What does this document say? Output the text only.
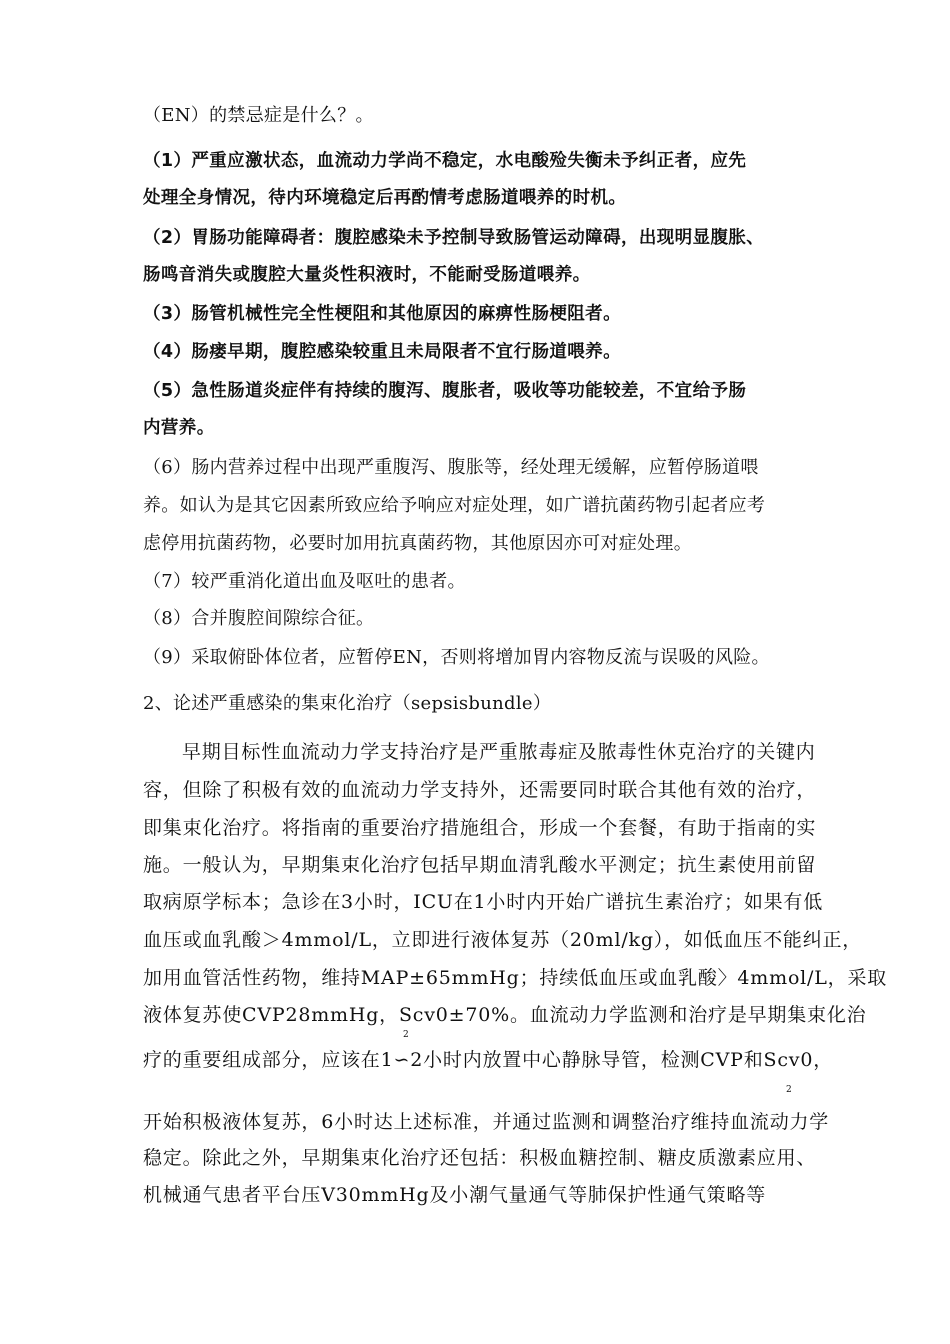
（EN）的禁忌症是什么？。
（1）严重应激状态，血流动力学尚不稳定，水电酸殓失衡未予纠正者，应先
处理全身情况，待内环境稳定后再酌情考虑肠道喂养的时机。
（2）胃肠功能障碍者：腹腔感染未予控制导致肠管运动障碍，出现明显腹胀、
肠鸣音消失或腹腔大量炎性积液时，不能耐受肠道喂养。
（3）肠管机械性完全性梗阻和其他原因的麻痹性肠梗阻者。
（4）肠瘘早期，腹腔感染较重且未局限者不宜行肠道喂养。
（5）急性肠道炎症伴有持续的腹泻、腹胀者，吸收等功能较差，不宜给予肠
内营养。
（6）肠内营养过程中出现严重腹泻、腹胀等，经处理无缓解，应暂停肠道喂
养。如认为是其它因素所致应给予响应对症处理，如广谱抗菌药物引起者应考
虑停用抗菌药物，必要时加用抗真菌药物，其他原因亦可对症处理。
（7）较严重消化道出血及呕吐的患者。
（8）合并腹腔间隙综合征。
（9）采取俯卧体位者，应暂停EN，否则将增加胃内容物反流与误吸的风险。
2、论述严重感染的集束化治疗（sepsisbundle）
早期目标性血流动力学支持治疗是严重脓毒症及脓毒性休克治疗的关键内
容，但除了积极有效的血流动力学支持外，还需要同时联合其他有效的治疗，
即集束化治疗。将指南的重要治疗措施组合，形成一个套餐，有助于指南的实
施。一般认为，早期集束化治疗包括早期血清乳酸水平测定；抗生素使用前留
取病原学标本；急诊在3小时，ICU在1小时内开始广谱抗生素治疗；如果有低
血压或血乳酸＞4mmol/L，立即进行液体复苏（20ml/kg），如低血压不能纠正，
加用血管活性药物，维持MAP±65mmHg；持续低血压或血乳酸〉4mmol/L，采取
液体复苏使CVP28mmHg，Scv0±70%。血流动力学监测和治疗是早期集束化治
2
疗的重要组成部分，应该在1∽2小时内放置中心静脉导管，检测CVP和Scv0，
2
开始积极液体复苏，6小时达上述标准，并通过监测和调整治疗维持血流动力学
稳定。除此之外，早期集束化治疗还包括：积极血糖控制、糖皮质激素应用、
机械通气患者平台压V30mmHg及小潮气量通气等肺保护性通气策略等
